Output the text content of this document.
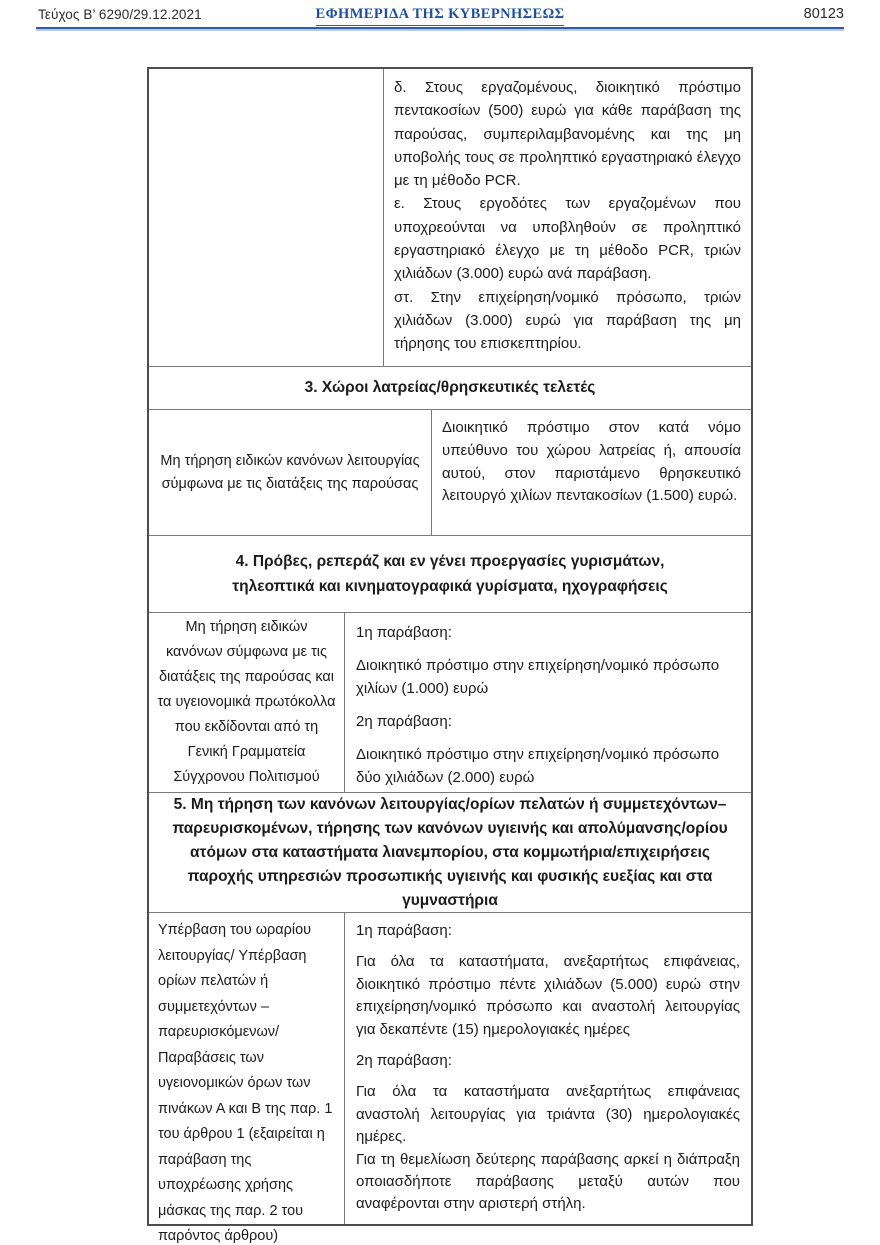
Τεύχος Β’ 6290/29.12.2021	ΕΦΗΜΕΡΙΔΑ ΤΗΣ ΚΥΒΕΡΝΗΣΕΩΣ	80123

δ. Στους εργαζομένους, διοικητικό πρόστιμο πεντακοσίων (500) ευρώ για κάθε παράβαση της παρούσας, συμπεριλαμβανομένης και της μη υποβολής τους σε προληπτικό εργαστηριακό έλεγχο με τη μέθοδο PCR.

ε. Στους εργοδότες των εργαζομένων που υποχρεούνται να υποβληθούν σε προληπτικό εργαστηριακό έλεγχο με τη μέθοδο PCR, τριών χιλιάδων (3.000) ευρώ ανά παράβαση.

στ. Στην επιχείρηση/νομικό πρόσωπο, τριών χιλιάδων (3.000) ευρώ για παράβαση της μη τήρησης του επισκεπτηρίου.

3. Χώροι λατρείας/θρησκευτικές τελετές
Μη τήρηση ειδικών κανόνων λειτουργίας σύμφωνα με τις διατάξεις της παρούσας
Διοικητικό πρόστιμο στον κατά νόμο υπεύθυνο του χώρου λατρείας ή, απουσία αυτού, στον παριστάμενο θρησκευτικό λειτουργό χιλίων πεντακοσίων (1.500) ευρώ.
4. Πρόβες, ρεπεράζ και εν γένει προεργασίες γυρισμάτων, τηλεοπτικά και κινηματογραφικά γυρίσματα, ηχογραφήσεις
Μη τήρηση ειδικών κανόνων σύμφωνα με τις διατάξεις της παρούσας και τα υγειονομικά πρωτόκολλα που εκδίδονται από τη Γενική Γραμματεία Σύγχρονου Πολιτισμού

1η παράβαση:

Διοικητικό πρόστιμο στην επιχείρηση/νομικό πρόσωπο χιλίων (1.000) ευρώ

2η παράβαση:

Διοικητικό πρόστιμο στην επιχείρηση/νομικό πρόσωπο δύο χιλιάδων (2.000) ευρώ

5. Μη τήρηση των κανόνων λειτουργίας/ορίων πελατών ή συμμετεχόντων– παρευρισκομένων, τήρησης των κανόνων υγιεινής και απολύμανσης/ορίου ατόμων στα καταστήματα λιανεμπορίου, στα κομμωτήρια/επιχειρήσεις παροχής υπηρεσιών προσωπικής υγιεινής και φυσικής ευεξίας και στα γυμναστήρια
Υπέρβαση του ωραρίου λειτουργίας/ Υπέρβαση ορίων πελατών ή συμμετεχόντων – παρευρισκόμενων/ Παραβάσεις των υγειονομικών όρων των πινάκων Α και Β της παρ. 1 του άρθρου 1 (εξαιρείται η παράβαση της υποχρέωσης χρήσης μάσκας της παρ. 2 του παρόντος άρθρου)

1η παράβαση:

Για όλα τα καταστήματα, ανεξαρτήτως επιφάνειας, διοικητικό πρόστιμο πέντε χιλιάδων (5.000) ευρώ στην επιχείρηση/νομικό πρόσωπο και αναστολή λειτουργίας για δεκαπέντε (15) ημερολογιακές ημέρες

2η παράβαση:

Για όλα τα καταστήματα ανεξαρτήτως επιφάνειας αναστολή λειτουργίας για τριάντα (30) ημερολογιακές ημέρες.

Για τη θεμελίωση δεύτερης παράβασης αρκεί η διάπραξη οποιασδήποτε παράβασης μεταξύ αυτών που αναφέρονται στην αριστερή στήλη.
